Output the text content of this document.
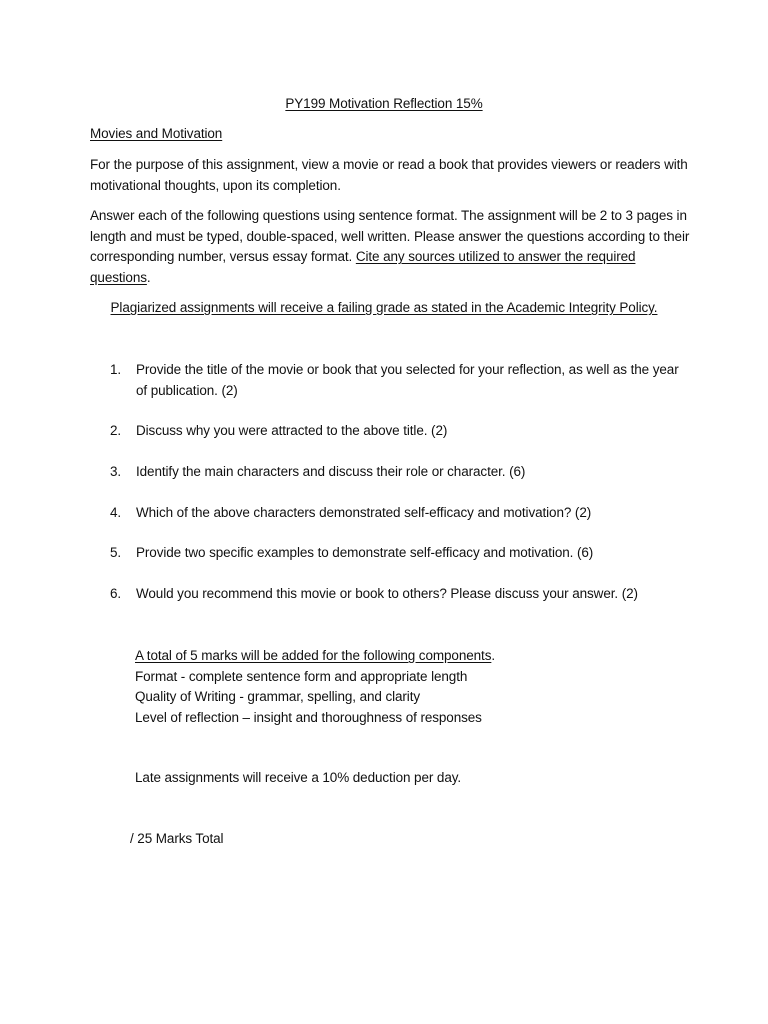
PY199 Motivation Reflection 15%
Movies and Motivation
For the purpose of this assignment, view a movie or read a book that provides viewers or readers with motivational thoughts, upon its completion.
Answer each of the following questions using sentence format. The assignment will be 2 to 3 pages in length and must be typed, double-spaced, well written. Please answer the questions according to their corresponding number, versus essay format. Cite any sources utilized to answer the required questions.
Plagiarized assignments will receive a failing grade as stated in the Academic Integrity Policy.
1.	Provide the title of the movie or book that you selected for your reflection, as well as the year of publication. (2)
2.	Discuss why you were attracted to the above title. (2)
3.	Identify the main characters and discuss their role or character. (6)
4.	Which of the above characters demonstrated self-efficacy and motivation? (2)
5.	Provide two specific examples to demonstrate self-efficacy and motivation. (6)
6.	Would you recommend this movie or book to others? Please discuss your answer. (2)
A total of 5 marks will be added for the following components.
Format - complete sentence form and appropriate length
Quality of Writing - grammar, spelling, and clarity
Level of reflection – insight and thoroughness of responses
Late assignments will receive a 10% deduction per day.
/ 25 Marks Total
